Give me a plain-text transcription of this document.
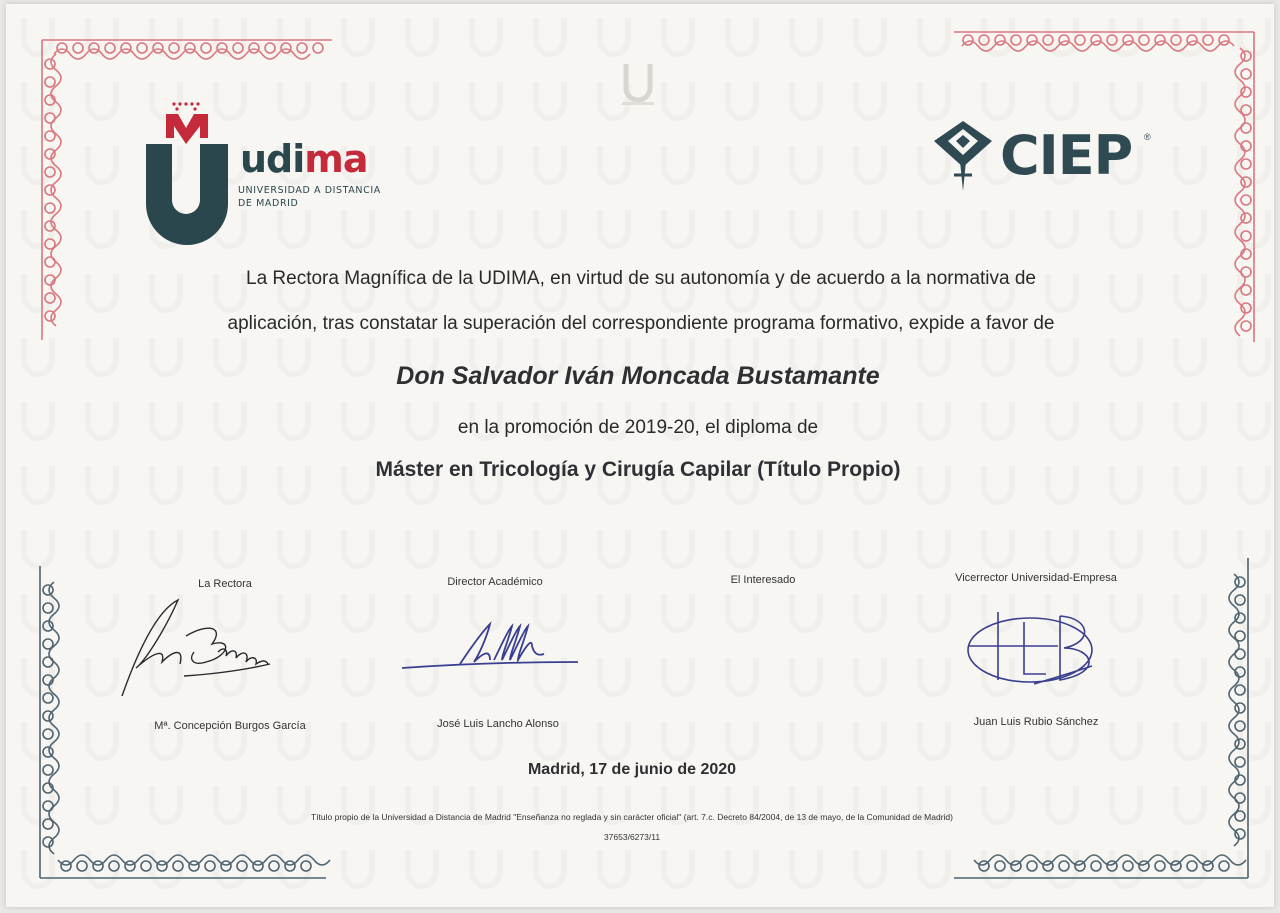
udima
UNIVERSIDAD A DISTANCIA
DE MADRID
CIEP ®
La Rectora Magnífica de la UDIMA, en virtud de su autonomía y de acuerdo a la normativa de
aplicación, tras constatar la superación del correspondiente programa formativo, expide a favor de
Don Salvador Iván Moncada Bustamante
en la promoción de 2019-20, el diploma de
Máster en Tricología y Cirugía Capilar (Título Propio)
La Rectora	Director Académico	El Interesado	Vicerrector Universidad-Empresa
Mª. Concepción Burgos García	José Luis Lancho Alonso	Juan Luis Rubio Sánchez
Madrid, 17 de junio de 2020
Título propio de la Universidad a Distancia de Madrid "Enseñanza no reglada y sin carácter oficial" (art. 7.c. Decreto 84/2004, de 13 de mayo, de la Comunidad de Madrid)
37653/6273/11
